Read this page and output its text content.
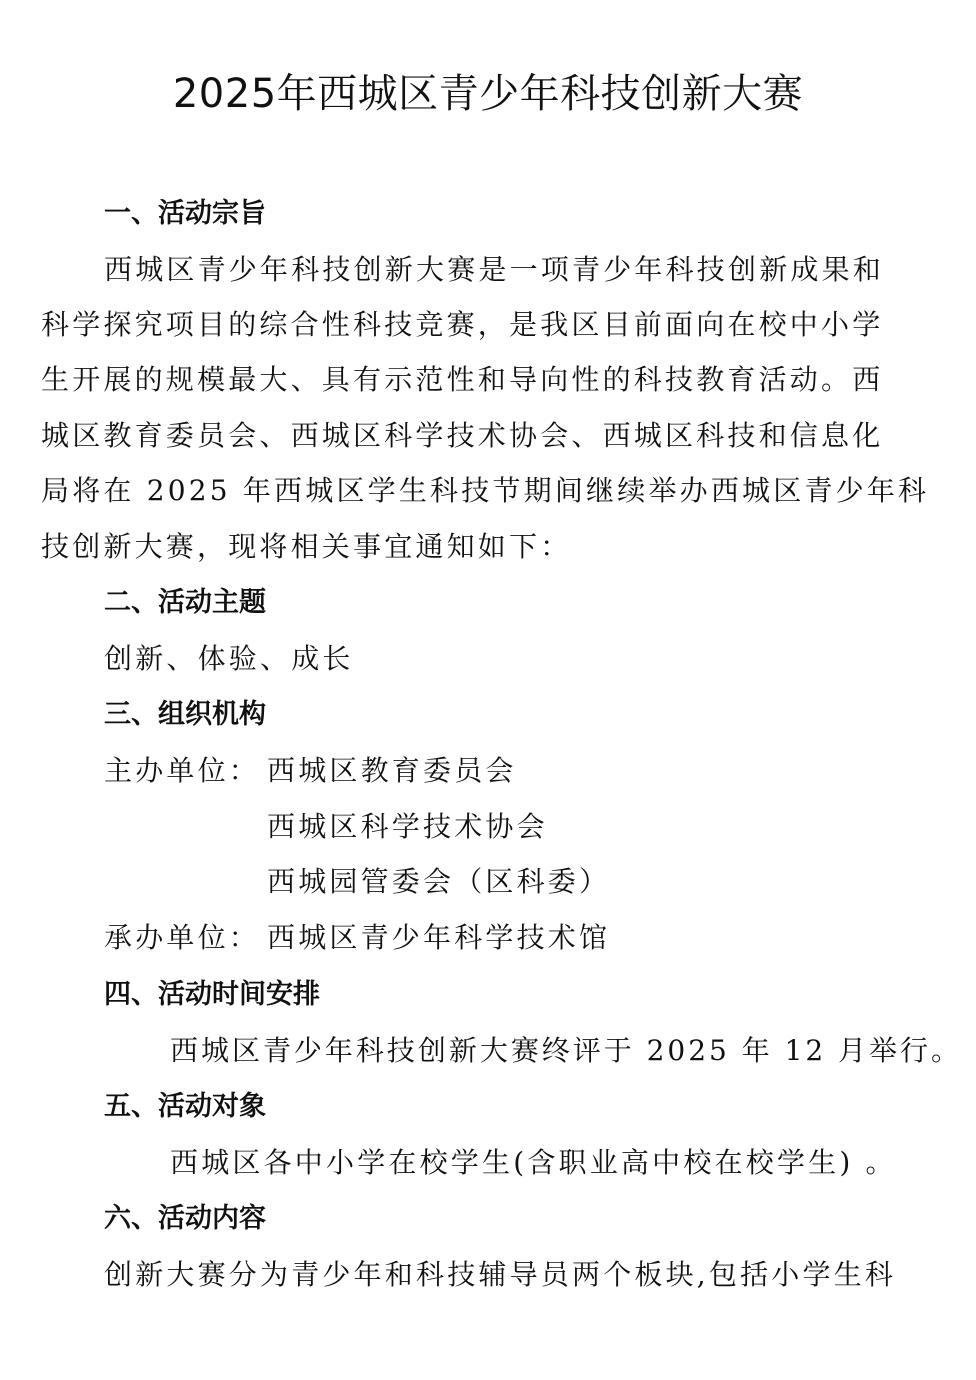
2025年西城区青少年科技创新大赛
一、活动宗旨
西城区青少年科技创新大赛是一项青少年科技创新成果和
科学探究项目的综合性科技竞赛，是我区目前面向在校中小学
生开展的规模最大、具有示范性和导向性的科技教育活动。西
城区教育委员会、西城区科学技术协会、西城区科技和信息化
局将在 2025 年西城区学生科技节期间继续举办西城区青少年科
技创新大赛，现将相关事宜通知如下：
二、活动主题
创新、体验、成长
三、组织机构
主办单位： 西城区教育委员会
西城区科学技术协会
西城园管委会（区科委）
承办单位： 西城区青少年科学技术馆
四、活动时间安排
西城区青少年科技创新大赛终评于 2025 年 12 月举行。
五、活动对象
西城区各中小学在校学生(含职业高中校在校学生) 。
六、活动内容
创新大赛分为青少年和科技辅导员两个板块,包括小学生科
